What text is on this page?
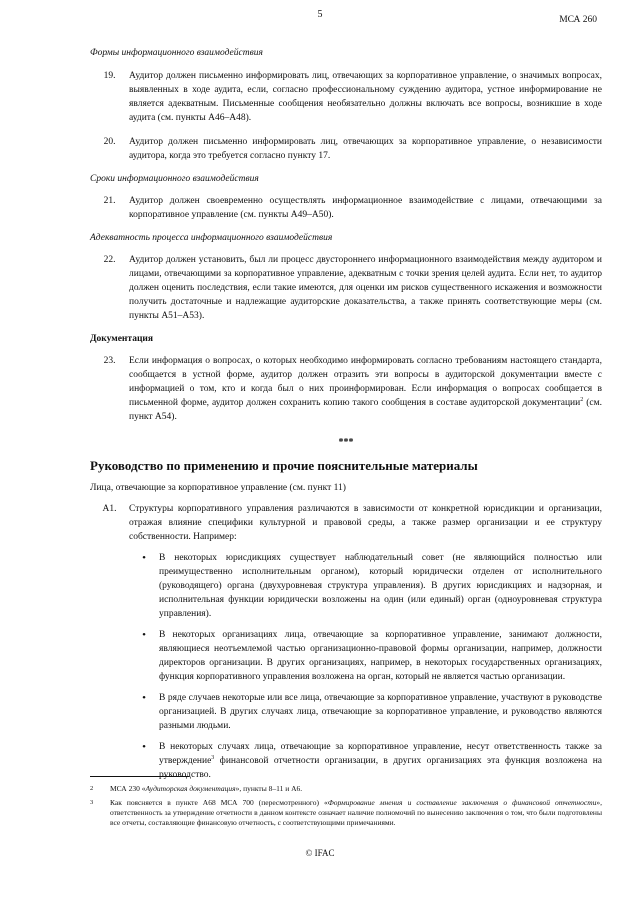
5	МСА 260
Формы информационного взаимодействия
19.	Аудитор должен письменно информировать лиц, отвечающих за корпоративное управление, о значимых вопросах, выявленных в ходе аудита, если, согласно профессиональному суждению аудитора, устное информирование не является адекватным. Письменные сообщения необязательно должны включать все вопросы, возникшие в ходе аудита (см. пункты A46–A48).
20.	Аудитор должен письменно информировать лиц, отвечающих за корпоративное управление, о независимости аудитора, когда это требуется согласно пункту 17.
Сроки информационного взаимодействия
21.	Аудитор должен своевременно осуществлять информационное взаимодействие с лицами, отвечающими за корпоративное управление (см. пункты A49–A50).
Адекватность процесса информационного взаимодействия
22.	Аудитор должен установить, был ли процесс двустороннего информационного взаимодействия между аудитором и лицами, отвечающими за корпоративное управление, адекватным с точки зрения целей аудита. Если нет, то аудитор должен оценить последствия, если такие имеются, для оценки им рисков существенного искажения и возможности получить достаточные и надлежащие аудиторские доказательства, а также принять соответствующие меры (см. пункты A51–A53).
Документация
23.	Если информация о вопросах, о которых необходимо информировать согласно требованиям настоящего стандарта, сообщается в устной форме, аудитор должен отразить эти вопросы в аудиторской документации вместе с информацией о том, кто и когда был о них проинформирован. Если информация о вопросах сообщается в письменной форме, аудитор должен сохранить копию такого сообщения в составе аудиторской документации$^2$ (см. пункт A54).
***
Руководство по применению и прочие пояснительные материалы
Лица, отвечающие за корпоративное управление (см. пункт 11)
A1.	Структуры корпоративного управления различаются в зависимости от конкретной юрисдикции и организации, отражая влияние специфики культурной и правовой среды, а также размер организации и ее структуру собственности. Например:
•	В некоторых юрисдикциях существует наблюдательный совет (не являющийся полностью или преимущественно исполнительным органом), который юридически отделен от исполнительного (руководящего) органа (двухуровневая структура управления). В других юрисдикциях и надзорная, и исполнительная функции юридически возложены на один (или единый) орган (одноуровневая структура управления).
•	В некоторых организациях лица, отвечающие за корпоративное управление, занимают должности, являющиеся неотъемлемой частью организационно-правовой формы организации, например, должности директоров организации. В других организациях, например, в некоторых государственных организациях, функция корпоративного управления возложена на орган, который не является частью организации.
•	В ряде случаев некоторые или все лица, отвечающие за корпоративное управление, участвуют в руководстве организацией. В других случаях лица, отвечающие за корпоративное управление, и руководство являются разными людьми.
•	В некоторых случаях лица, отвечающие за корпоративное управление, несут ответственность также за утверждение$^3$ финансовой отчетности организации, в других организациях эта функция возложена на руководство.
2	МСА 230 «Аудиторская документация», пункты 8–11 и A6.
3	Как поясняется в пункте A68 МСА 700 (пересмотренного) «Формирование мнения и составление заключения о финансовой отчетности», ответственность за утверждение отчетности в данном контексте означает наличие полномочий по вынесению заключения о том, что были подготовлены все отчеты, составляющие финансовую отчетность, с соответствующими примечаниями.
© IFAC
